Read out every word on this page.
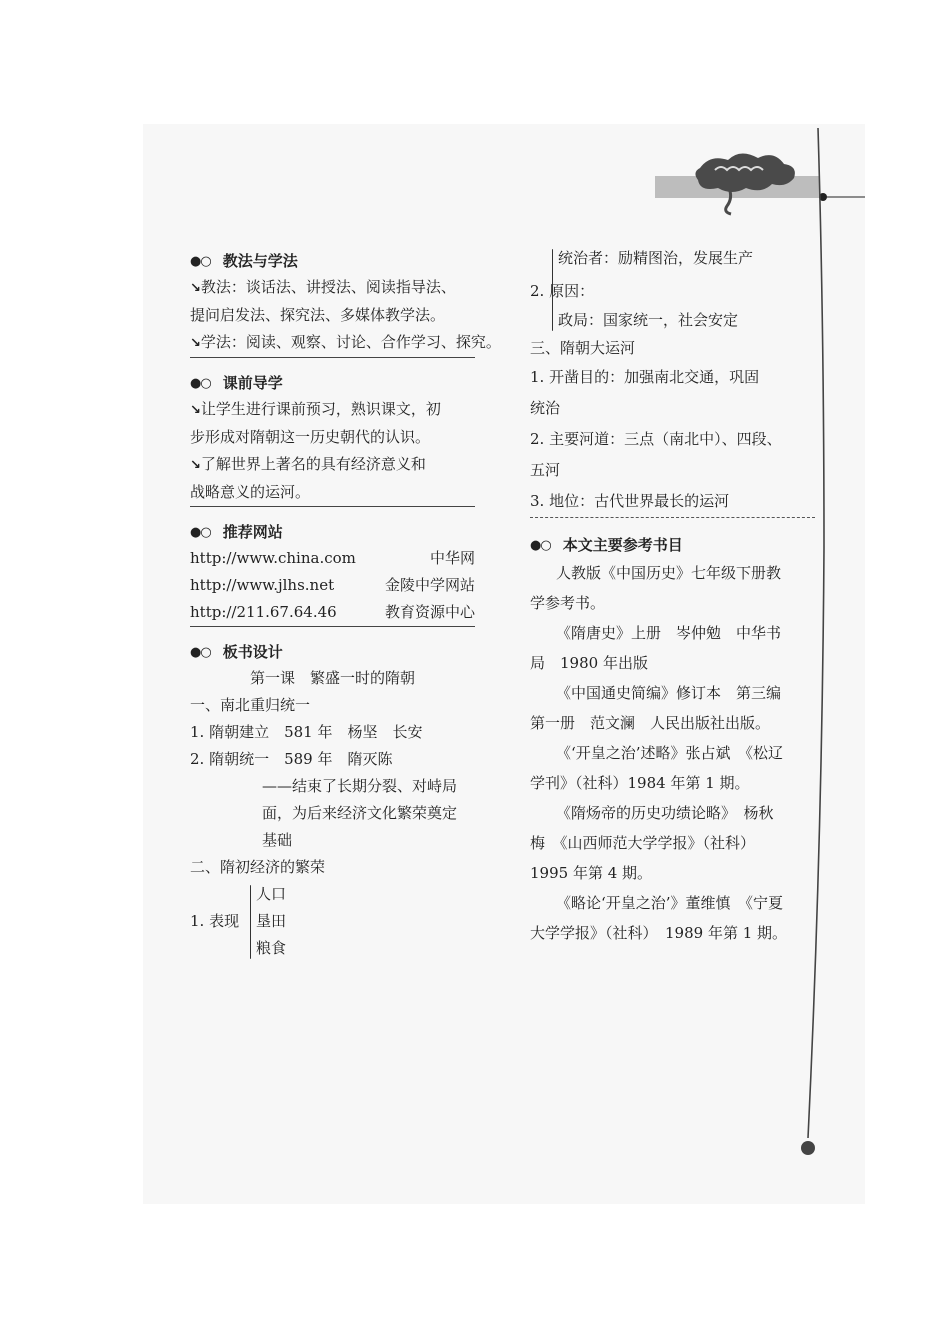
●○ 教法与学法
↘教法：谈话法、讲授法、阅读指导法、
提问启发法、探究法、多媒体教学法。
↘学法：阅读、观察、讨论、合作学习、探究。
●○ 课前导学
↘让学生进行课前预习，熟识课文，初
步形成对隋朝这一历史朝代的认识。
↘了解世界上著名的具有经济意义和
战略意义的运河。
●○ 推荐网站
http://www.china.com	中华网
http://www.jlhs.net	金陵中学网站
http://211.67.64.46	教育资源中心
●○ 板书设计
第一课　繁盛一时的隋朝
一、南北重归统一
1. 隋朝建立　581 年　杨坚　长安
2. 隋朝统一　589 年　隋灭陈
——结束了长期分裂、对峙局
面，为后来经济文化繁荣奠定
基础
二、隋初经济的繁荣
1. 表现
人口
垦田
粮食
2. 原因：
统治者：励精图治，发展生产
政局：国家统一，社会安定
三、隋朝大运河
1. 开凿目的：加强南北交通，巩固
统治
2. 主要河道：三点（南北中）、四段、
五河
3. 地位：古代世界最长的运河
●○ 本文主要参考书目
人教版《中国历史》七年级下册教
学参考书。
《隋唐史》上册　岑仲勉　中华书
局　1980 年出版
《中国通史简编》修订本　第三编
第一册　范文澜　人民出版社出版。
《‘开皇之治’述略》张占斌　《松辽
学刊》（社科）1984 年第 1 期。
《隋炀帝的历史功绩论略》　杨秋
梅　《山西师范大学学报》（社科）
1995 年第 4 期。
《略论‘开皇之治’》董维慎　《宁夏
大学学报》（社科）　1989 年第 1 期。
